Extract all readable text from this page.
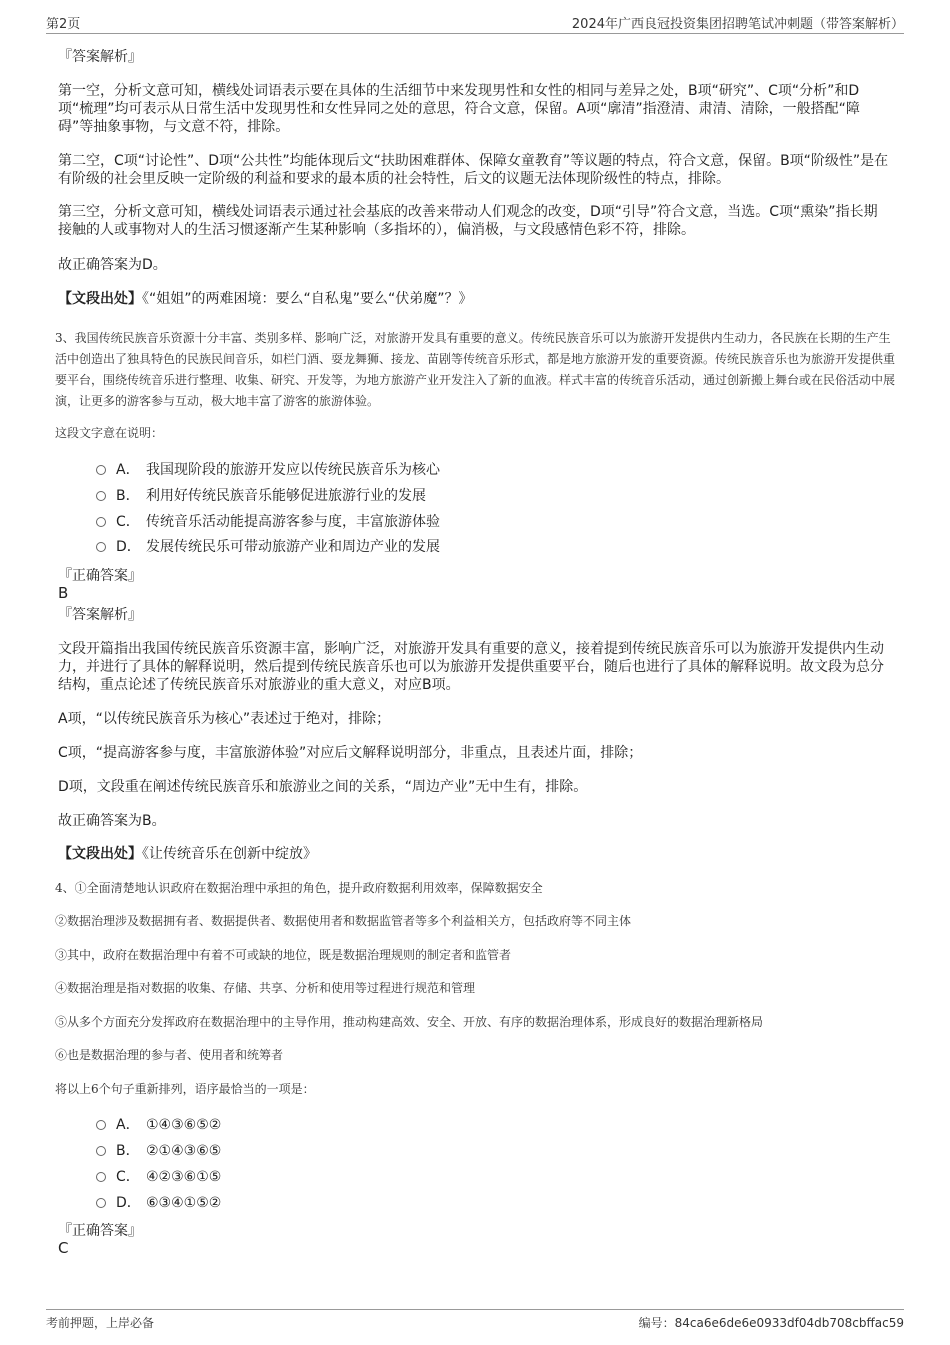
第2页	2024年广西良冠投资集团招聘笔试冲刺题（带答案解析）
『答案解析』

第一空，分析文意可知，横线处词语表示要在具体的生活细节中来发现男性和女性的相同与差异之处，B项“研究”、C项“分析”和D项“梳理”均可表示从日常生活中发现男性和女性异同之处的意思，符合文意，保留。A项“廓清”指澄清、肃清、清除，一般搭配“障碍”等抽象事物，与文意不符，排除。

第二空，C项“讨论性”、D项“公共性”均能体现后文“扶助困难群体、保障女童教育”等议题的特点，符合文意，保留。B项“阶级性”是在有阶级的社会里反映一定阶级的利益和要求的最本质的社会特性，后文的议题无法体现阶级性的特点，排除。

第三空，分析文意可知，横线处词语表示通过社会基底的改善来带动人们观念的改变，D项“引导”符合文意，当选。C项“熏染”指长期接触的人或事物对人的生活习惯逐渐产生某种影响（多指坏的），偏消极，与文段感情色彩不符，排除。

故正确答案为D。
【文段出处】《“姐姐”的两难困境：要么“自私鬼”要么“伏弟魔”？》

3、我国传统民族音乐资源十分丰富、类别多样、影响广泛，对旅游开发具有重要的意义。传统民族音乐可以为旅游开发提供内生动力，各民族在长期的生产生活中创造出了独具特色的民族民间音乐，如栏门酒、耍龙舞狮、接龙、苗剧等传统音乐形式，都是地方旅游开发的重要资源。传统民族音乐也为旅游开发提供重要平台，围绕传统音乐进行整理、收集、研究、开发等，为地方旅游产业开发注入了新的血液。样式丰富的传统音乐活动，通过创新搬上舞台或在民俗活动中展演，让更多的游客参与互动，极大地丰富了游客的旅游体验。

这段文字意在说明：
A． 我国现阶段的旅游开发应以传统民族音乐为核心
B． 利用好传统民族音乐能够促进旅游行业的发展
C． 传统音乐活动能提高游客参与度，丰富旅游体验
D． 发展传统民乐可带动旅游产业和周边产业的发展
『正确答案』
B
『答案解析』

文段开篇指出我国传统民族音乐资源丰富，影响广泛，对旅游开发具有重要的意义，接着提到传统民族音乐可以为旅游开发提供内生动力，并进行了具体的解释说明，然后提到传统民族音乐也可以为旅游开发提供重要平台，随后也进行了具体的解释说明。故文段为总分结构，重点论述了传统民族音乐对旅游业的重大意义，对应B项。

A项，“以传统民族音乐为核心”表述过于绝对，排除；
C项，“提高游客参与度，丰富旅游体验”对应后文解释说明部分，非重点，且表述片面，排除；
D项，文段重在阐述传统民族音乐和旅游业之间的关系，“周边产业”无中生有，排除。
故正确答案为B。
【文段出处】《让传统音乐在创新中绽放》
4、①全面清楚地认识政府在数据治理中承担的角色，提升政府数据利用效率，保障数据安全
②数据治理涉及数据拥有者、数据提供者、数据使用者和数据监管者等多个利益相关方，包括政府等不同主体
③其中，政府在数据治理中有着不可或缺的地位，既是数据治理规则的制定者和监管者
④数据治理是指对数据的收集、存储、共享、分析和使用等过程进行规范和管理
⑤从多个方面充分发挥政府在数据治理中的主导作用，推动构建高效、安全、开放、有序的数据治理体系，形成良好的数据治理新格局
⑥也是数据治理的参与者、使用者和统筹者
将以上6个句子重新排列，语序最恰当的一项是：
A． ①④③⑥⑤②
B． ②①④③⑥⑤
C． ④②③⑥①⑤
D． ⑥③④①⑤②
『正确答案』
C
考前押题，上岸必备	编号：84ca6e6de6e0933df04db708cbffac59
